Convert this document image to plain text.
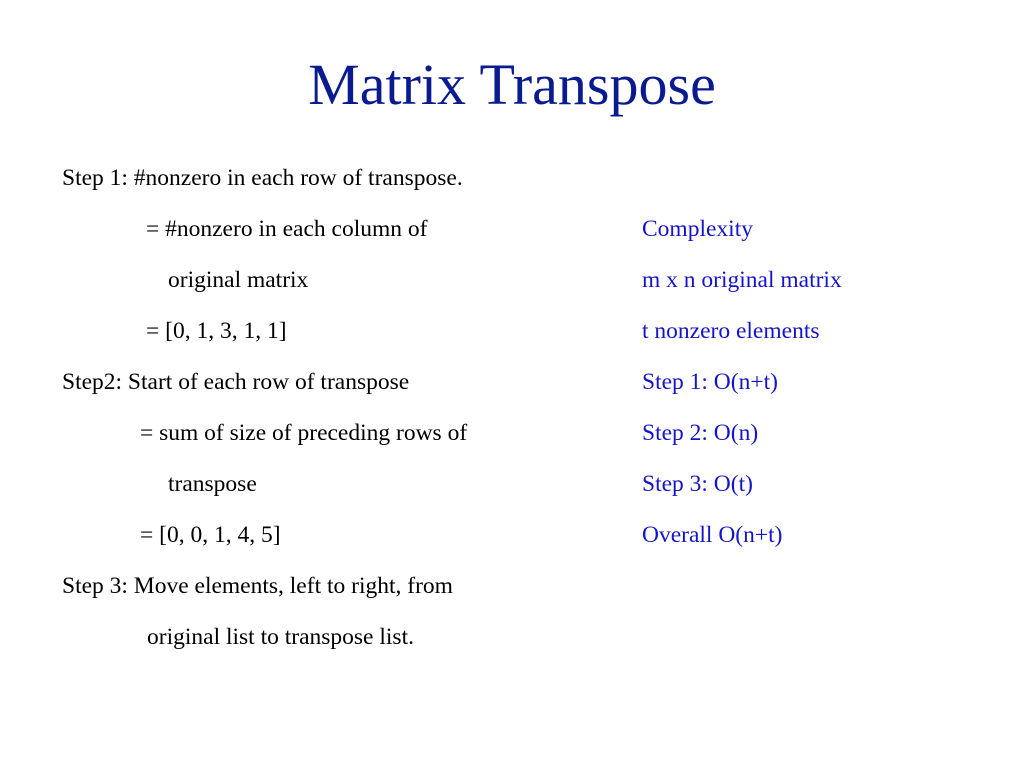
Matrix Transpose
Step 1: #nonzero in each row of transpose.
= #nonzero in each column of
original matrix
= [0, 1, 3, 1, 1]
Step2: Start of each row of transpose
= sum of size of preceding rows of
transpose
= [0, 0, 1, 4, 5]
Step 3: Move elements, left to right, from
original list to transpose list.
Complexity
m x n original matrix
t nonzero elements
Step 1: O(n+t)
Step 2: O(n)
Step 3: O(t)
Overall O(n+t)
